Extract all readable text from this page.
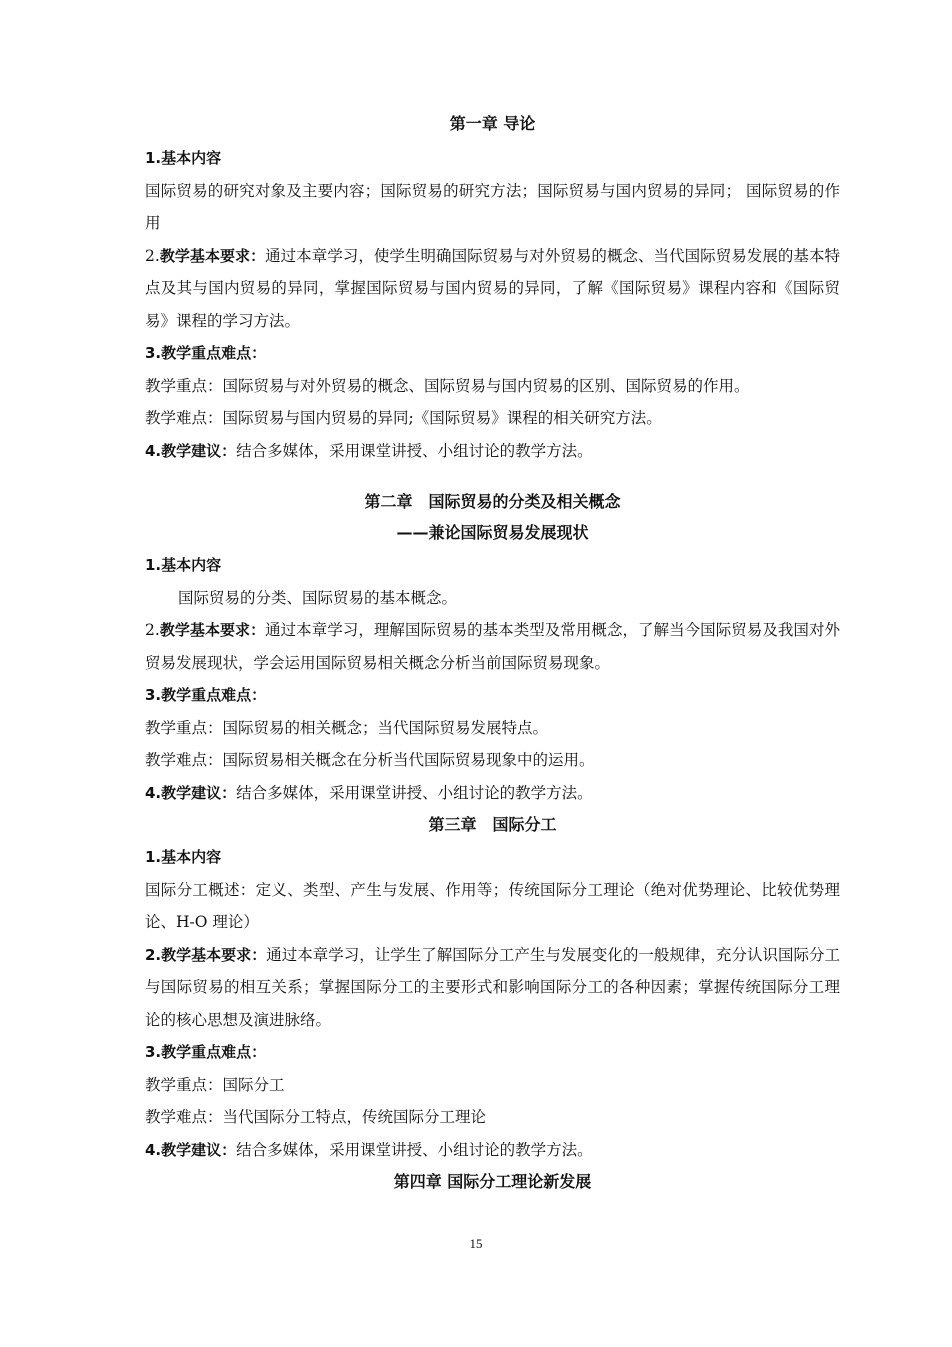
第一章 导论

1.基本内容

国际贸易的研究对象及主要内容；国际贸易的研究方法；国际贸易与国内贸易的异同； 国际贸易的作用

2.教学基本要求：通过本章学习，使学生明确国际贸易与对外贸易的概念、当代国际贸易发展的基本特点及其与国内贸易的异同，掌握国际贸易与国内贸易的异同，了解《国际贸易》课程内容和《国际贸易》课程的学习方法。

3.教学重点难点：

教学重点：国际贸易与对外贸易的概念、国际贸易与国内贸易的区别、国际贸易的作用。

教学难点：国际贸易与国内贸易的异同;《国际贸易》课程的相关研究方法。

4.教学建议：结合多媒体，采用课堂讲授、小组讨论的教学方法。

第二章　国际贸易的分类及相关概念
——兼论国际贸易发展现状

1.基本内容

国际贸易的分类、国际贸易的基本概念。

2.教学基本要求：通过本章学习，理解国际贸易的基本类型及常用概念，了解当今国际贸易及我国对外贸易发展现状，学会运用国际贸易相关概念分析当前国际贸易现象。

3.教学重点难点：

教学重点：国际贸易的相关概念；当代国际贸易发展特点。

教学难点：国际贸易相关概念在分析当代国际贸易现象中的运用。

4.教学建议：结合多媒体，采用课堂讲授、小组讨论的教学方法。

第三章　国际分工

1.基本内容

国际分工概述：定义、类型、产生与发展、作用等；传统国际分工理论（绝对优势理论、比较优势理论、H-O 理论）

2.教学基本要求：通过本章学习，让学生了解国际分工产生与发展变化的一般规律，充分认识国际分工与国际贸易的相互关系；掌握国际分工的主要形式和影响国际分工的各种因素；掌握传统国际分工理论的核心思想及演进脉络。

3.教学重点难点：

教学重点：国际分工

教学难点：当代国际分工特点，传统国际分工理论

4.教学建议：结合多媒体，采用课堂讲授、小组讨论的教学方法。

第四章 国际分工理论新发展
15
